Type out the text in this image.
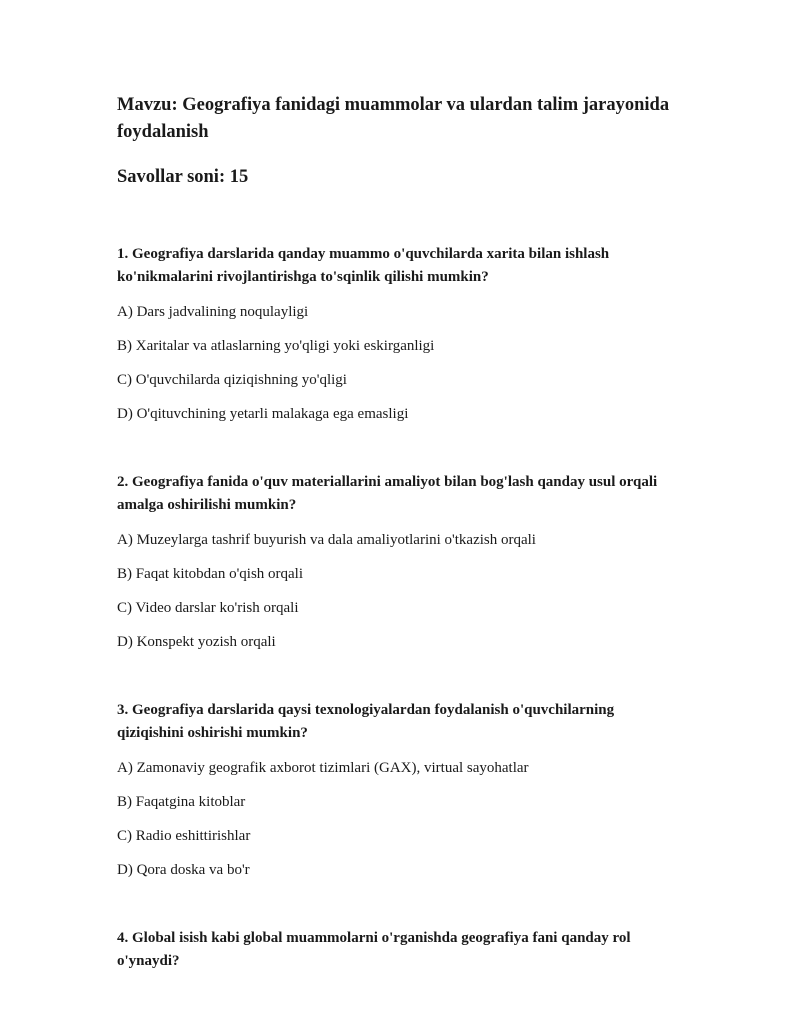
Mavzu: Geografiya fanidagi muammolar va ulardan talim jarayonida foydalanish

Savollar soni: 15

1. Geografiya darslarida qanday muammo o'quvchilarda xarita bilan ishlash ko'nikmalarini rivojlantirishga to'sqinlik qilishi mumkin?

A) Dars jadvalining noqulayligi

B) Xaritalar va atlaslarning yo'qligi yoki eskirganligi

C) O'quvchilarda qiziqishning yo'qligi

D) O'qituvchining yetarli malakaga ega emasligi

2. Geografiya fanida o'quv materiallarini amaliyot bilan bog'lash qanday usul orqali amalga oshirilishi mumkin?

A) Muzeylarga tashrif buyurish va dala amaliyotlarini o'tkazish orqali

B) Faqat kitobdan o'qish orqali

C) Video darslar ko'rish orqali

D) Konspekt yozish orqali

3. Geografiya darslarida qaysi texnologiyalardan foydalanish o'quvchilarning qiziqishini oshirishi mumkin?

A) Zamonaviy geografik axborot tizimlari (GAX), virtual sayohatlar

B) Faqatgina kitoblar

C) Radio eshittirishlar

D) Qora doska va bo'r

4. Global isish kabi global muammolarni o'rganishda geografiya fani qanday rol o'ynaydi?
